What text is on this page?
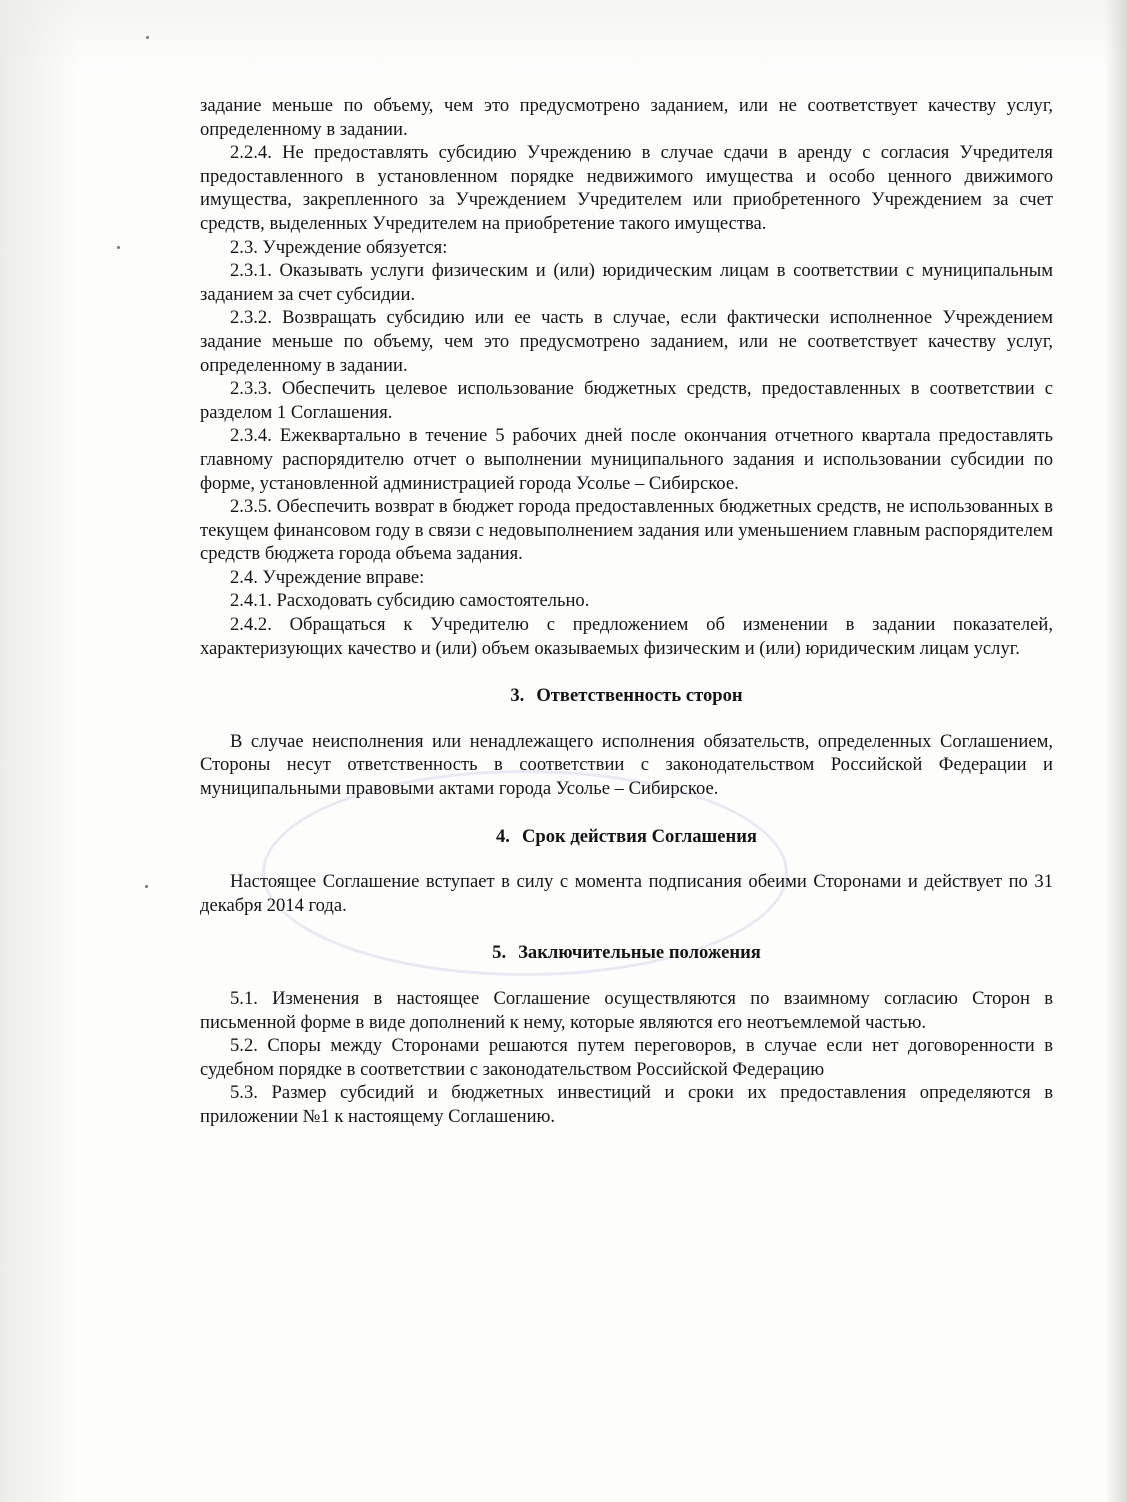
задание меньше по объему, чем это предусмотрено заданием, или не соответствует качеству услуг, определенному в задании.

2.2.4. Не предоставлять субсидию Учреждению в случае сдачи в аренду с согласия Учредителя предоставленного в установленном порядке недвижимого имущества и особо ценного движимого имущества, закрепленного за Учреждением Учредителем или приобретенного Учреждением за счет средств, выделенных Учредителем на приобретение такого имущества.

2.3. Учреждение обязуется:

2.3.1. Оказывать услуги физическим и (или) юридическим лицам в соответствии с муниципальным заданием за счет субсидии.

2.3.2. Возвращать субсидию или ее часть в случае, если фактически исполненное Учреждением задание меньше по объему, чем это предусмотрено заданием, или не соответствует качеству услуг, определенному в задании.

2.3.3. Обеспечить целевое использование бюджетных средств, предоставленных в соответствии с разделом 1 Соглашения.

2.3.4. Ежеквартально в течение 5 рабочих дней после окончания отчетного квартала предоставлять главному распорядителю отчет о выполнении муниципального задания и использовании субсидии по форме, установленной администрацией города Усолье – Сибирское.

2.3.5. Обеспечить возврат в бюджет города предоставленных бюджетных средств, не использованных в текущем финансовом году в связи с недовыполнением задания или уменьшением главным распорядителем средств бюджета города объема задания.

2.4. Учреждение вправе:

2.4.1. Расходовать субсидию самостоятельно.

2.4.2. Обращаться к Учредителю с предложением об изменении в задании показателей, характеризующих качество и (или) объем оказываемых физическим и (или) юридическим лицам услуг.

3. Ответственность сторон

В случае неисполнения или ненадлежащего исполнения обязательств, определенных Соглашением, Стороны несут ответственность в соответствии с законодательством Российской Федерации и муниципальными правовыми актами города Усолье – Сибирское.

4. Срок действия Соглашения

Настоящее Соглашение вступает в силу с момента подписания обеими Сторонами и действует по 31 декабря 2014 года.

5. Заключительные положения

5.1. Изменения в настоящее Соглашение осуществляются по взаимному согласию Сторон в письменной форме в виде дополнений к нему, которые являются его неотъемлемой частью.

5.2. Споры между Сторонами решаются путем переговоров, в случае если нет договоренности в судебном порядке в соответствии с законодательством Российской Федерацию

5.3. Размер субсидий и бюджетных инвестиций и сроки их предоставления определяются в приложении №1 к настоящему Соглашению.
